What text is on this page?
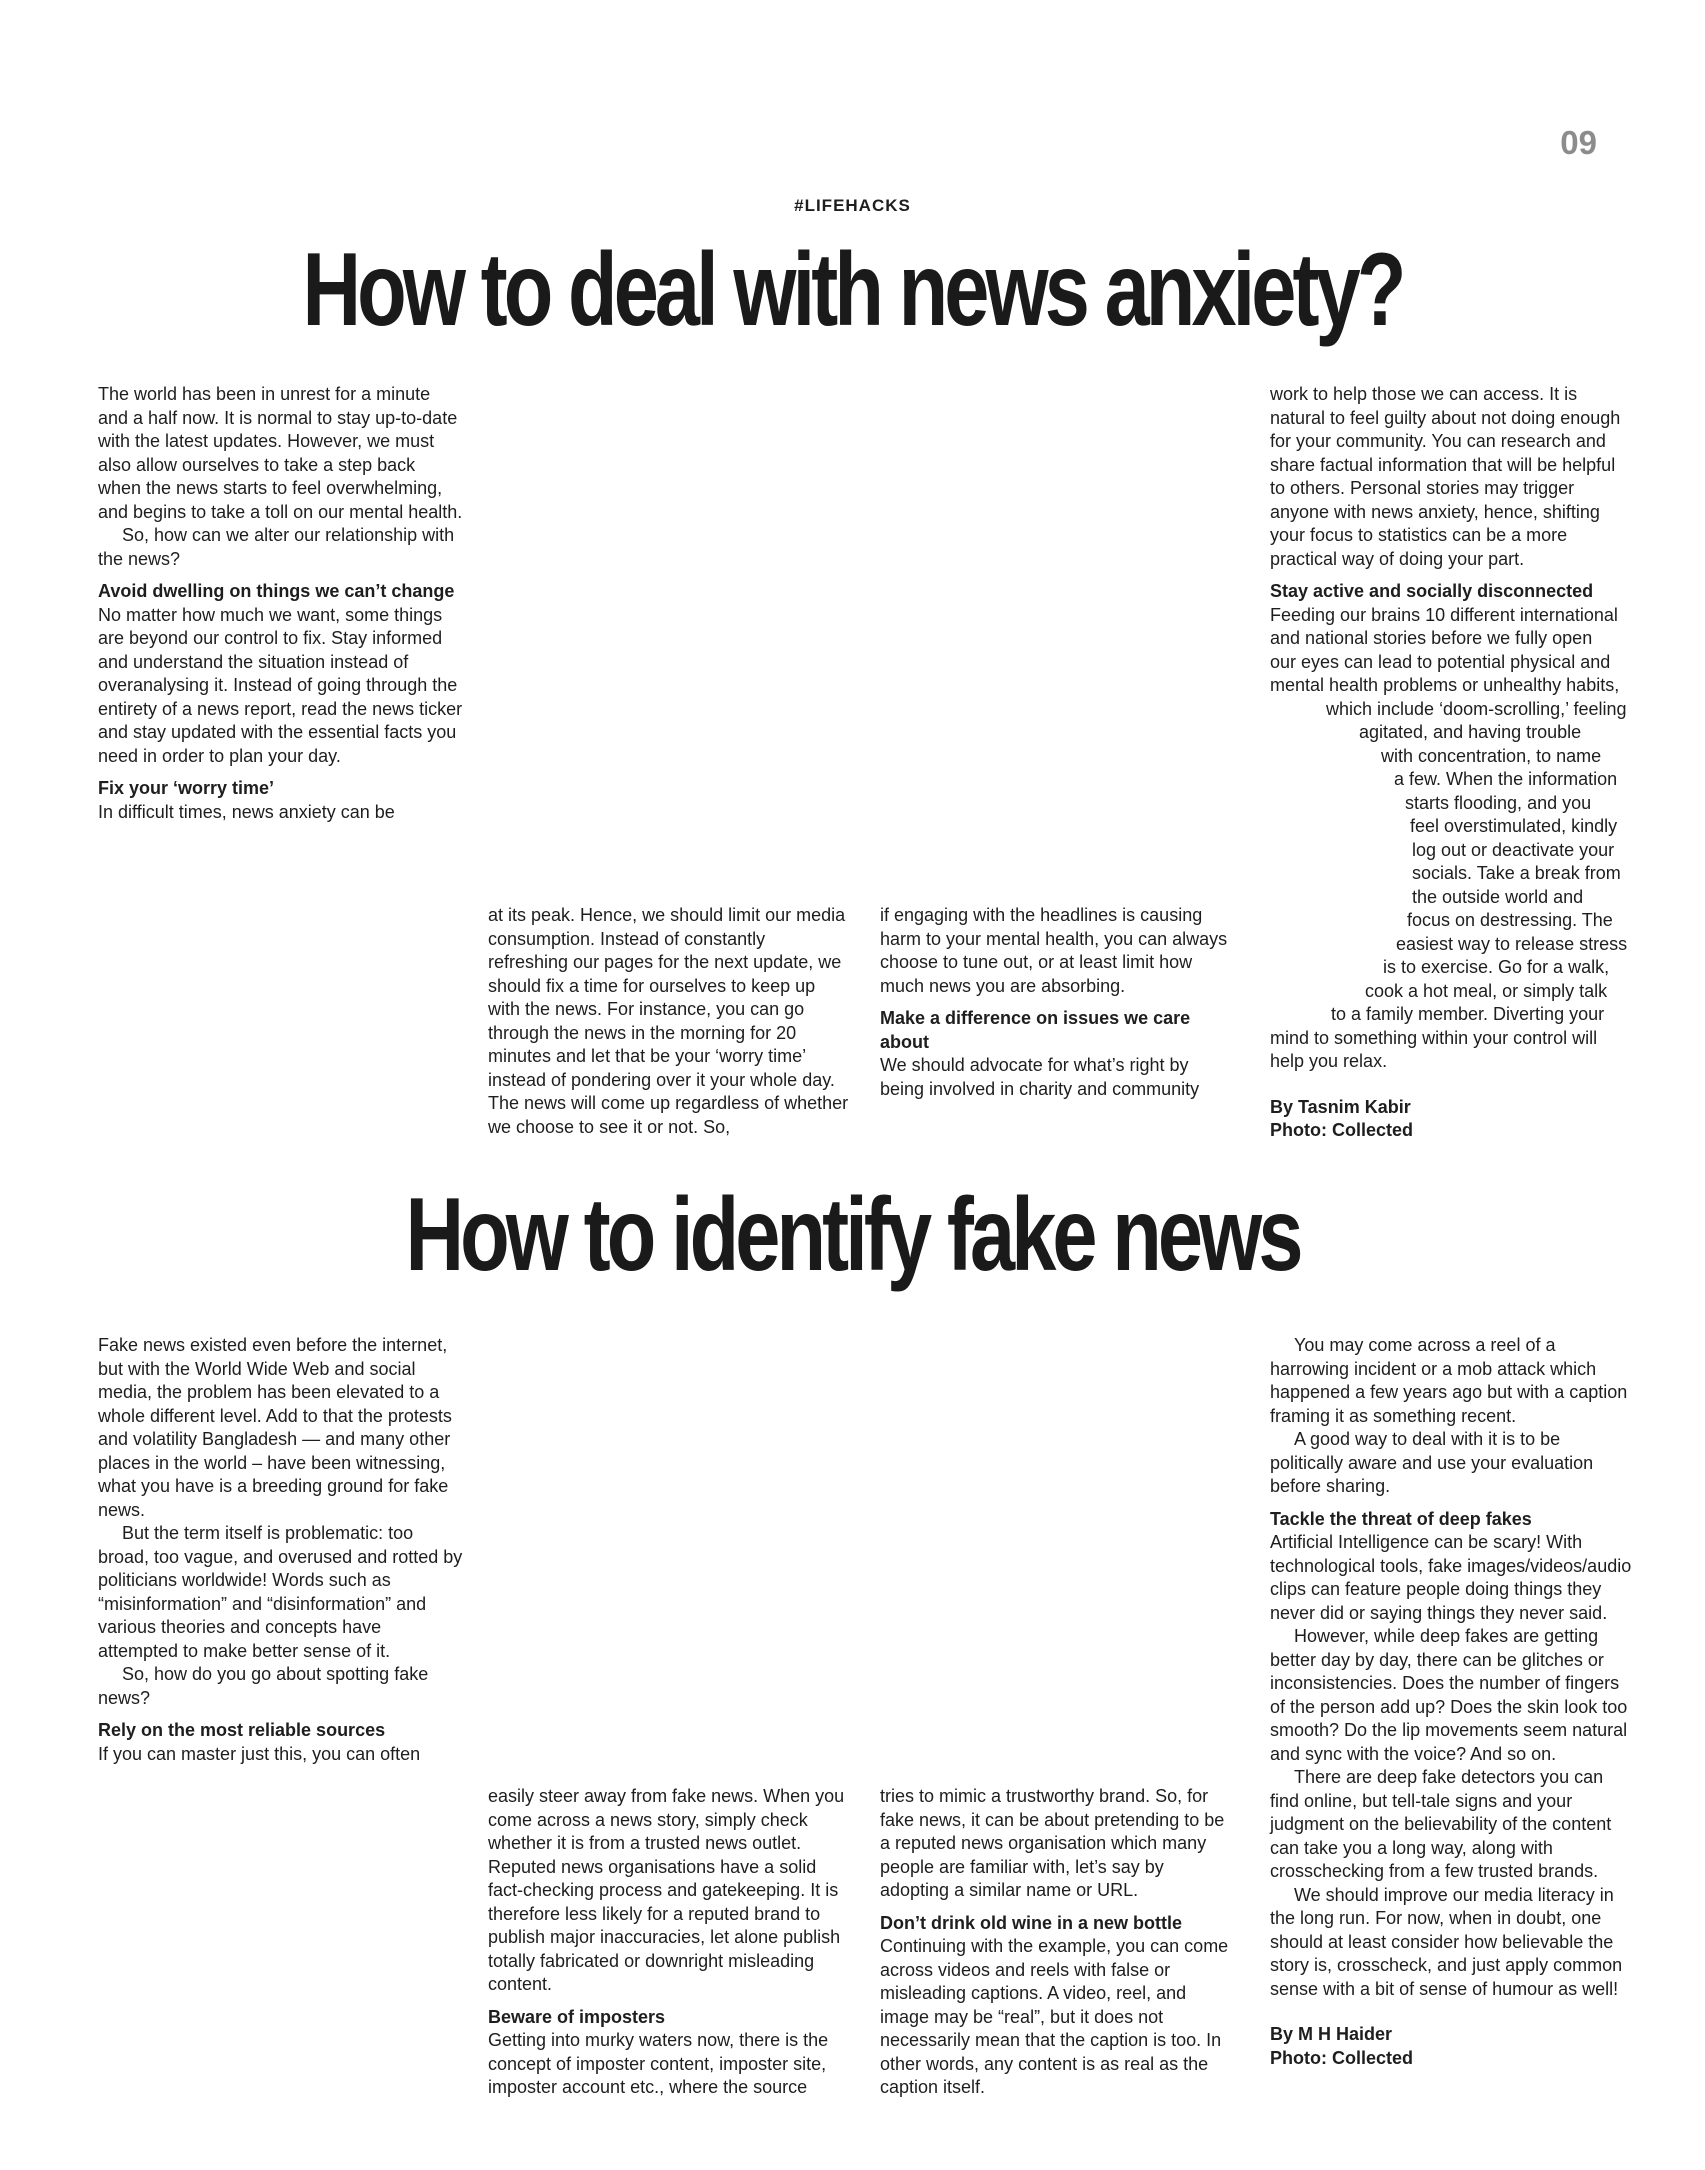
09
#LIFEHACKS
How to deal with news anxiety?

The world has been in unrest for a minute and a half now. It is normal to stay up-to-date with the latest updates. However, we must also allow ourselves to take a step back when the news starts to feel overwhelming, and begins to take a toll on our mental health.

So, how can we alter our relationship with the news?

Avoid dwelling on things we can’t change

No matter how much we want, some things are beyond our control to fix. Stay informed and understand the situation instead of overanalysing it. Instead of going through the entirety of a news report, read the news ticker and stay updated with the essential facts you need in order to plan your day.

Fix your ‘worry time’

In difficult times, news anxiety can be

at its peak. Hence, we should limit our media consumption. Instead of constantly refreshing our pages for the next update, we should fix a time for ourselves to keep up with the news. For instance, you can go through the news in the morning for 20 minutes and let that be your ‘worry time’ instead of pondering over it your whole day. The news will come up regardless of whether we choose to see it or not. So,

if engaging with the headlines is causing harm to your mental health, you can always choose to tune out, or at least limit how much news you are absorbing.

Make a difference on issues we care about

We should advocate for what’s right by being involved in charity and community

work to help those we can access. It is natural to feel guilty about not doing enough for your community. You can research and share factual information that will be helpful to others. Personal stories may trigger anyone with news anxiety, hence, shifting your focus to statistics can be a more practical way of doing your part.

Stay active and socially disconnected

Feeding our brains 10 different international
and national stories before we fully open
our eyes can lead to potential physical and
mental health problems or unhealthy habits,
which include ‘doom-scrolling,’ feeling
agitated, and having trouble
with concentration, to name
a few. When the information
starts flooding, and you
feel overstimulated, kindly
log out or deactivate your
socials. Take a break from
the outside world and
focus on destressing. The
easiest way to release stress
is to exercise. Go for a walk,
cook a hot meal, or simply talk
to a family member. Diverting your
mind to something within your control will
help you relax.

By Tasnim Kabir

Photo: Collected

How to identify fake news

Fake news existed even before the internet, but with the World Wide Web and social media, the problem has been elevated to a whole different level. Add to that the protests and volatility Bangladesh — and many other places in the world – have been witnessing, what you have is a breeding ground for fake news.

But the term itself is problematic: too broad, too vague, and overused and rotted by politicians worldwide! Words such as “misinformation” and “disinformation” and various theories and concepts have attempted to make better sense of it.

So, how do you go about spotting fake news?

Rely on the most reliable sources

If you can master just this, you can often

easily steer away from fake news. When you come across a news story, simply check whether it is from a trusted news outlet. Reputed news organisations have a solid fact-checking process and gatekeeping. It is therefore less likely for a reputed brand to publish major inaccuracies, let alone publish totally fabricated or downright misleading content.

Beware of imposters

Getting into murky waters now, there is the concept of imposter content, imposter site, imposter account etc., where the source

tries to mimic a trustworthy brand. So, for fake news, it can be about pretending to be a reputed news organisation which many people are familiar with, let’s say by adopting a similar name or URL.

Don’t drink old wine in a new bottle

Continuing with the example, you can come across videos and reels with false or misleading captions. A video, reel, and image may be “real”, but it does not necessarily mean that the caption is too. In other words, any content is as real as the caption itself.

You may come across a reel of a harrowing incident or a mob attack which happened a few years ago but with a caption framing it as something recent.

A good way to deal with it is to be politically aware and use your evaluation before sharing.

Tackle the threat of deep fakes

Artificial Intelligence can be scary! With technological tools, fake images/videos/audio clips can feature people doing things they never did or saying things they never said.

However, while deep fakes are getting better day by day, there can be glitches or inconsistencies. Does the number of fingers of the person add up? Does the skin look too smooth? Do the lip movements seem natural and sync with the voice? And so on.

There are deep fake detectors you can find online, but tell-tale signs and your judgment on the believability of the content can take you a long way, along with crosschecking from a few trusted brands.

We should improve our media literacy in the long run. For now, when in doubt, one should at least consider how believable the story is, crosscheck, and just apply common sense with a bit of sense of humour as well!

By M H Haider

Photo: Collected
